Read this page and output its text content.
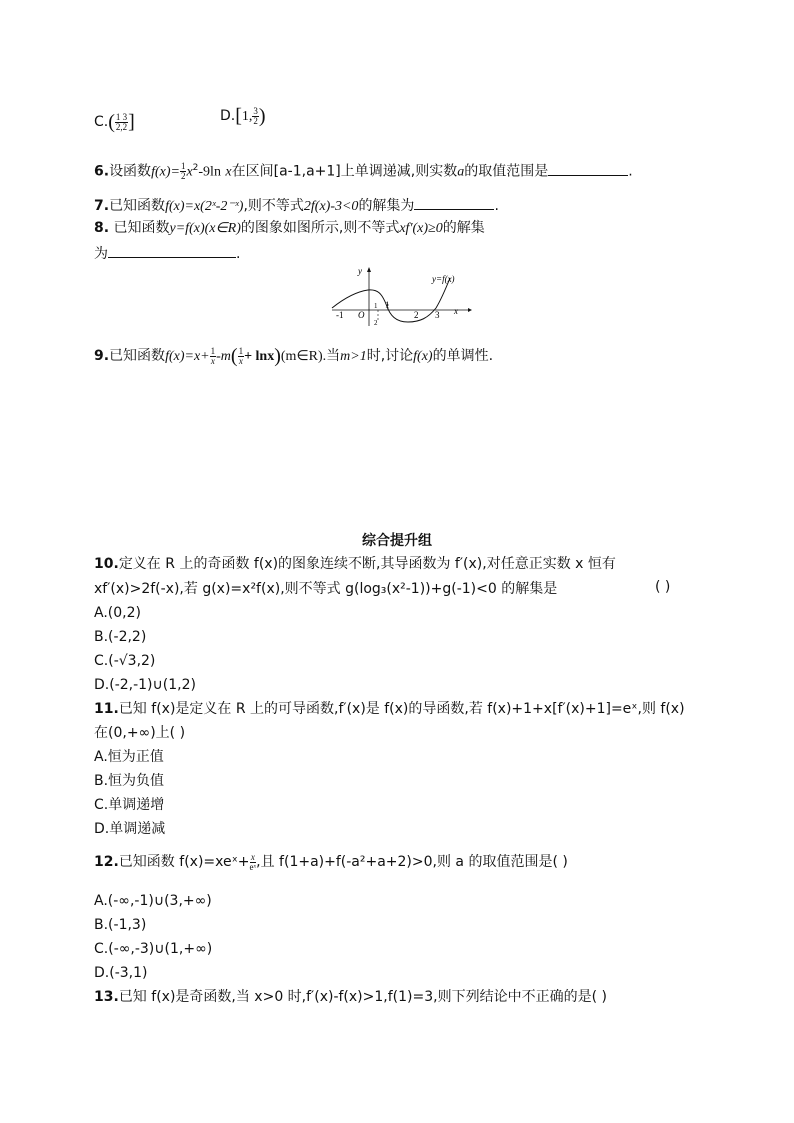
$C.( \frac{1 3}{2,2}$ ]	D.[1, $\frac{3}{2}$ )
6.设函数$f(x)= \frac{1}{2} x^2-9\ln$ x在区间[a-1,a+1]上单调递减,则实数a的取值范围是	.
7.已知函数f(x)=x(2ˣ-2⁻ˣ),则不等式2f(x)-3<0的解集为	.
8. 已知函数y=f(x)(x∈R)的图象如图所示,则不等式xf′(x)≥0的解集
为	.
y
x
y=f(x)
-1 O
1 1
2
2 3
9.已知函数$f(x)=x+ \frac{1}{x} -m( \frac{1}{x}$ + lnx)(m∈R).当m>1时,讨论f(x)的单调性.
综合提升组
10.定义在 R 上的奇函数 f(x)的图象连续不断,其导函数为 f′(x),对任意正实数 x 恒有
xf′(x)>2f(-x),若 g(x)=x²f(x),则不等式 g(log₃(x²-1))+g(-1)<0 的解集是	( )
A.(0,2)
B.(-2,2)
C.(-√3,2)
D.(-2,-1)∪(1,2)
11.已知 f(x)是定义在 R 上的可导函数,f′(x)是 f(x)的导函数,若 f(x)+1+x[f′(x)+1]=eˣ,则 f(x)
在(0,+∞)上( )
A.恒为正值
B.恒为负值
C.单调递增
D.单调递减
12.已知函数 f(x)=xeˣ+ $\frac{x}{\text{eˣ}}$ ,且 f(1+a)+f(-a²+a+2)>0,则 a 的取值范围是( )
A.(-∞,-1)∪(3,+∞)
B.(-1,3)
C.(-∞,-3)∪(1,+∞)
D.(-3,1)
13.已知 f(x)是奇函数,当 x>0 时,f′(x)-f(x)>1,f(1)=3,则下列结论中不正确的是( )
